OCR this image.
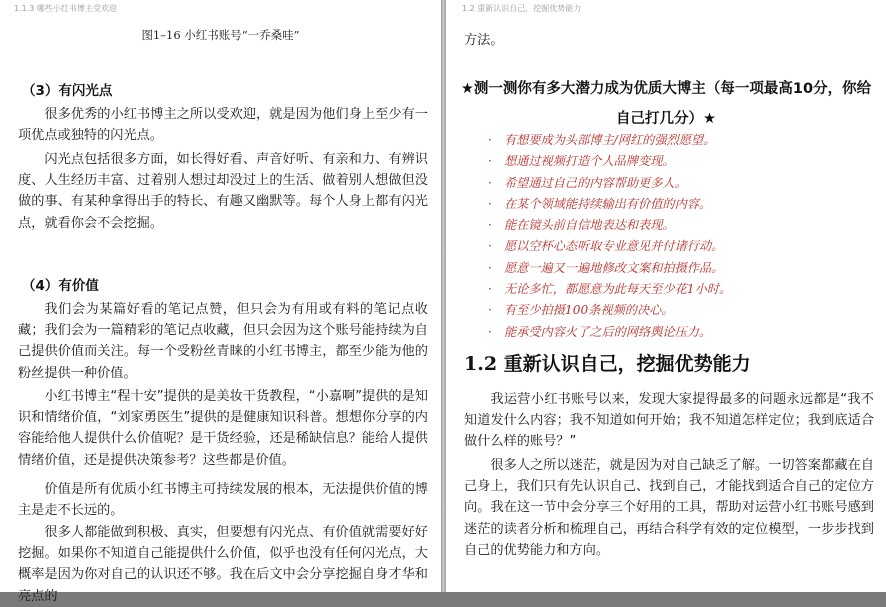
1.1.3 哪些小红书博主受欢迎
图1–16 小红书账号“一乔桑哇”
（3）有闪光点

很多优秀的小红书博主之所以受欢迎，就是因为他们身上至少有一项优点或独特的闪光点。

闪光点包括很多方面，如长得好看、声音好听、有亲和力、有辨识度、人生经历丰富、过着别人想过却没过上的生活、做着别人想做但没做的事、有某种拿得出手的特长、有趣又幽默等。每个人身上都有闪光点，就看你会不会挖掘。

（4）有价值

我们会为某篇好看的笔记点赞，但只会为有用或有料的笔记点收藏；我们会为一篇精彩的笔记点收藏，但只会因为这个账号能持续为自己提供价值而关注。每一个受粉丝青睐的小红书博主，都至少能为他的粉丝提供一种价值。

小红书博主“程十安”提供的是美妆干货教程，“小嘉啊”提供的是知识和情绪价值，“刘家勇医生”提供的是健康知识科普。想想你分享的内容能给他人提供什么价值呢？是干货经验，还是稀缺信息？能给人提供情绪价值，还是提供决策参考？这些都是价值。

价值是所有优质小红书博主可持续发展的根本，无法提供价值的博主是走不长远的。

很多人都能做到积极、真实，但要想有闪光点、有价值就需要好好挖掘。如果你不知道自己能提供什么价值，似乎也没有任何闪光点，大概率是因为你对自己的认识还不够。我在后文中会分享挖掘自身才华和亮点的

1.2 重新认识自己，挖掘优势能力

方法。

★测一测你有多大潜力成为优质大博主（每一项最高10分，你给自己打几分）★
· 有想要成为头部博主/网红的强烈愿望。
· 想通过视频打造个人品牌变现。
· 希望通过自己的内容帮助更多人。
· 在某个领域能持续输出有价值的内容。
· 能在镜头前自信地表达和表现。
· 愿以空杯心态听取专业意见并付诸行动。
· 愿意一遍又一遍地修改文案和拍摄作品。
· 无论多忙，都愿意为此每天至少花1小时。
· 有至少拍摄100条视频的决心。
· 能承受内容火了之后的网络舆论压力。
1.2 重新认识自己，挖掘优势能力

我运营小红书账号以来，发现大家提得最多的问题永远都是“我不知道发什么内容；我不知道如何开始；我不知道怎样定位；我到底适合做什么样的账号？”

很多人之所以迷茫，就是因为对自己缺乏了解。一切答案都藏在自己身上，我们只有先认识自己、找到自己，才能找到适合自己的定位方向。我在这一节中会分享三个好用的工具，帮助对运营小红书账号感到迷茫的读者分析和梳理自己，再结合科学有效的定位模型，一步步找到自己的优势能力和方向。
